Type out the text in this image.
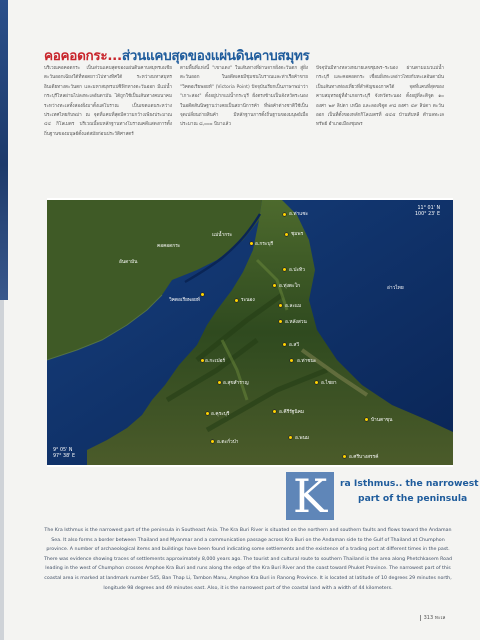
คอคอดกระ...ส่วนแคบสุดของแผ่นดินคาบสมุทร
บริเวณคอคอดกระ เป็นส่วนแคบสุดของแผ่นดินคาบสมุทรเอเชียตะวันออกเฉียงใต้ที่ทอดยาวไปทางทิศใต้ ระหว่างมหาสมุทรอินเดียทางตะวันตก และมหาสมุทรแปซิฟิกทางตะวันออก มีแม่น้ำกระบุรีไหลผ่านไปลงทะเลอันดามัน ได้ถูกใช้เป็นเส้นทางคมนาคมระหว่างทะเลทั้งสองฝั่งมาตั้งแต่โบราณ เป็นเขตแดนระหว่างประเทศไทยกับพม่า ณ จุดที่แคบที่สุดมีความกว้างเพียงประมาณ ๔๔ กิโลเมตร บริเวณนี้พบหลักฐานทางโบราณคดีแสดงการตั้งถิ่นฐานของมนุษย์ตั้งแต่สมัยก่อนประวัติศาสตร์
ตามพื้นที่แห่งนี้ "เขาแดง" ในเส้นทางที่ผ่านจากฝั่งตะวันตก สู่ฝั่งตะวันออก ในอดีตเคยมีชุมชนโบราณและท่าเรือค้าขาย "วิคตอเรียพอยท์" (Victoria Point) ปัจจุบันเรียกเป็นภาษาพม่าว่า "เกาะสอง" ตั้งอยู่ปากแม่น้ำกระบุรี ฝั่งตรงข้ามเป็นจังหวัดระนอง ในอดีตสันนิษฐานว่าเคยเป็นสถานีการค้า ที่พ่อค้าต่างชาติใช้เป็นจุดเปลี่ยนถ่ายสินค้า มีหลักฐานการตั้งถิ่นฐานของมนุษย์เมื่อประมาณ ๘,๐๐๐ ปีมาแล้ว
ปัจจุบันมีทางหลวงหมายเลขชุมพร–ระนอง ผ่านตามแนวแม่น้ำกระบุรี และคอคอดกระ เชื่อมฝั่งทะเลอ่าวไทยกับทะเลอันดามัน เป็นเส้นทางท่องเที่ยวที่สำคัญของภาคใต้ จุดที่แคบที่สุดของคาบสมุทรอยู่ที่อำเภอกระบุรี จังหวัดระนอง ตั้งอยู่ที่ละติจูด ๑๐ องศา ๒๙ ลิปดา เหนือ และลองจิจูด ๙๘ องศา ๔๙ ลิปดา ตะวันออก เป็นที่ตั้งของหลักกิโลเมตรที่ ๕๔๕ บ้านทับหลี ตำบลทะเลทรัพย์ อำเภอเมืองชุมพร
11° 01' N
100° 23' E
9° 05' N
97° 38' E
อ.ท่าแซะ
ชุมพร
อ.กระบุรี
แม่น้ำกระ
คอคอดกระ
อันดามัน
อ.ปะทิว
อ.ทุ่งตะโก
วิคตอเรียพอยท์	ระนอง
อ.ละแม
อ่าวไทย
อ.หลังสวน
อ.สวี
อ.กะเปอร์	อ.ท่าชนะ
อ.สุขสำราญ	อ.ไชยา
อ.คุระบุรี	อ.คีรีรัฐนิคม
บ้านตาขุน
อ.พนม
อ.ตะกั่วป่า
อ.ศรีบางสรรค์
K	ra Isthmus.. the narrowest
part of the peninsula
The Kra Isthmus is the narrowest part of the peninsula in Southeast Asia. The Kra Buri River is situated on the northern and southern faults and flows toward the Andaman Sea. It also forms a border between Thailand and Myanmar and a communication passage across Kra Buri on the Andaman side to the Gulf of Thailand at Chumphon province. A number of archaeological items and buildings have been found indicating some settlements and the existence of a trading port at different times in the past. There was evidence showing traces of settlements approximately 8,000 years ago. The tourist and cultural route to southern Thailand is the area along Phetchkasem Road leading in the west of Chumphon crosses Amphoe Kra Buri and runs along the edge of the Kra Buri River and the coast toward Phuket Province. The narrowest part of this coastal area is marked at landmark number 545, Ban Thap Li, Tambon Manu, Amphoe Kra Buri in Ranong Province. It is located at latitude of 10 degrees 29 minutes north, longitude 98 degrees and 49 minutes east. Also, it is the narrowest part of the coastal land with a width of 44 kilometers.
313 ทะเล
